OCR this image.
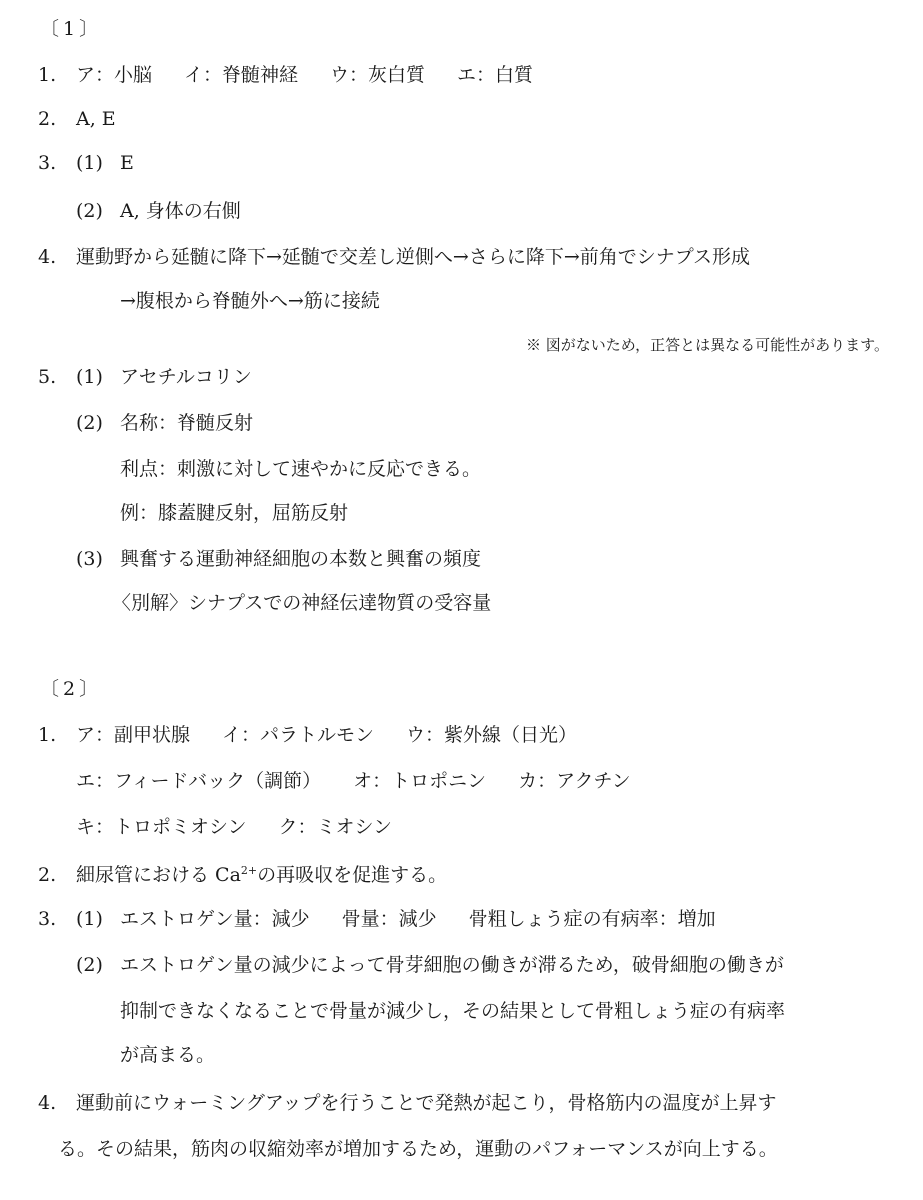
〔1〕
1. ア：小脳 イ：脊髄神経 ウ：灰白質 エ：白質
2. A, E
3. (1) E
(2) A, 身体の右側
4. 運動野から延髄に降下→延髄で交差し逆側へ→さらに降下→前角でシナプス形成
→腹根から脊髄外へ→筋に接続
※ 図がないため，正答とは異なる可能性があります。
5. (1) アセチルコリン
(2) 名称：脊髄反射
利点：刺激に対して速やかに反応できる。
例：膝蓋腱反射，屈筋反射
(3) 興奮する運動神経細胞の本数と興奮の頻度
〈別解〉シナプスでの神経伝達物質の受容量
〔2〕
1. ア：副甲状腺 イ：パラトルモン ウ：紫外線（日光）
エ：フィードバック（調節） オ：トロポニン カ：アクチン
キ：トロポミオシン ク：ミオシン
2. 細尿管における $Ca^{2+}$の再吸収を促進する。
3. (1) エストロゲン量：減少 骨量：減少 骨粗しょう症の有病率：増加
(2) エストロゲン量の減少によって骨芽細胞の働きが滞るため，破骨細胞の働きが
抑制できなくなることで骨量が減少し，その結果として骨粗しょう症の有病率
が高まる。
4. 運動前にウォーミングアップを行うことで発熱が起こり，骨格筋内の温度が上昇す
る。その結果，筋肉の収縮効率が増加するため，運動のパフォーマンスが向上する。
